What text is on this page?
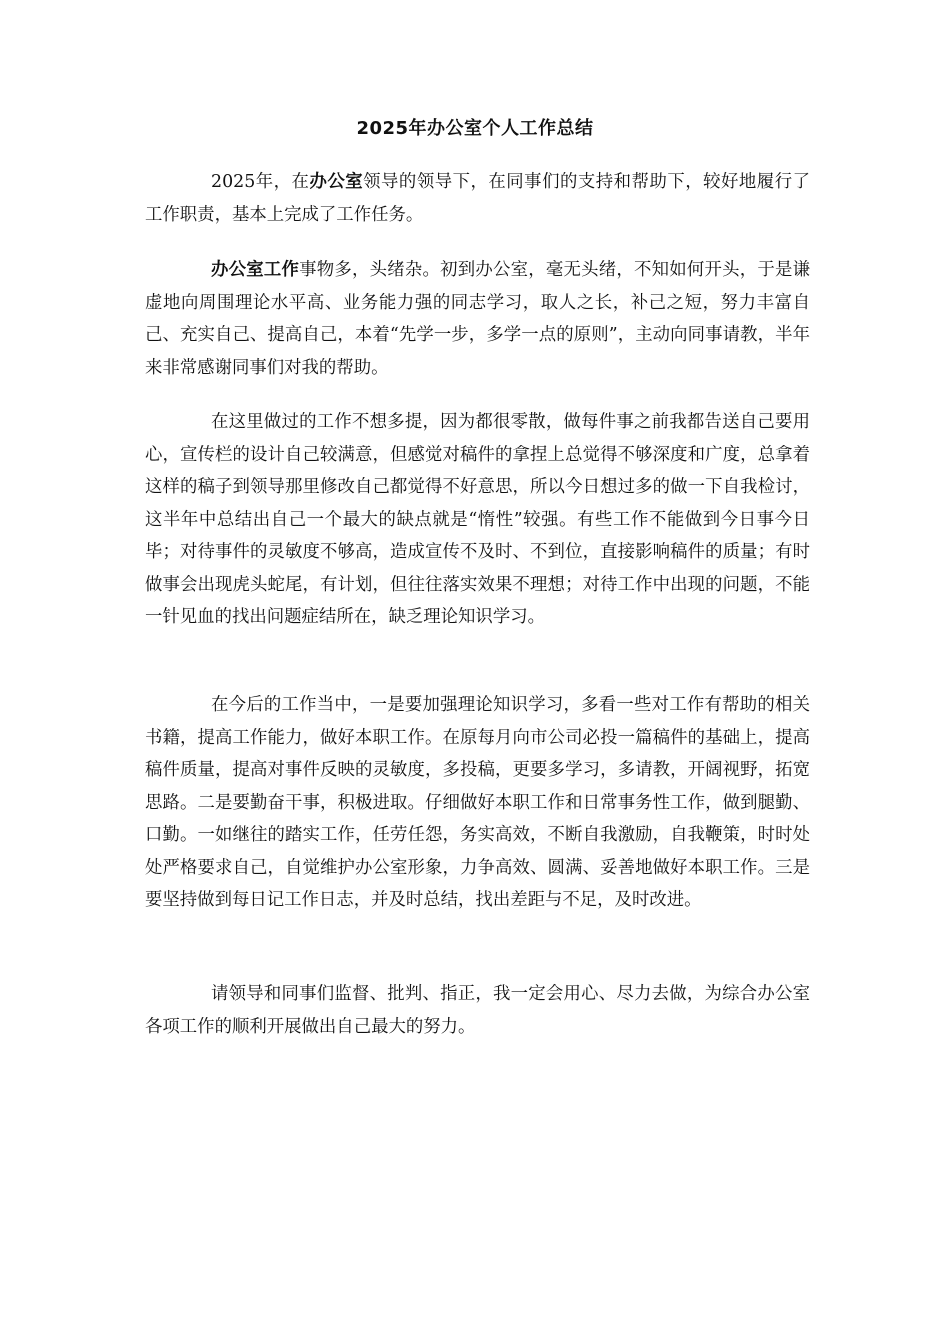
2025年办公室个人工作总结

2025年，在办公室领导的领导下，在同事们的支持和帮助下，较好地履行了工作职责，基本上完成了工作任务。

办公室工作事物多，头绪杂。初到办公室，毫无头绪，不知如何开头，于是谦虚地向周围理论水平高、业务能力强的同志学习，取人之长，补己之短，努力丰富自己、充实自己、提高自己，本着“先学一步，多学一点的原则”，主动向同事请教，半年来非常感谢同事们对我的帮助。

在这里做过的工作不想多提，因为都很零散，做每件事之前我都告送自己要用心，宣传栏的设计自己较满意，但感觉对稿件的拿捏上总觉得不够深度和广度，总拿着这样的稿子到领导那里修改自己都觉得不好意思，所以今日想过多的做一下自我检讨，这半年中总结出自己一个最大的缺点就是“惰性”较强。有些工作不能做到今日事今日毕；对待事件的灵敏度不够高，造成宣传不及时、不到位，直接影响稿件的质量；有时做事会出现虎头蛇尾，有计划，但往往落实效果不理想；对待工作中出现的问题，不能一针见血的找出问题症结所在，缺乏理论知识学习。

在今后的工作当中，一是要加强理论知识学习，多看一些对工作有帮助的相关书籍，提高工作能力，做好本职工作。在原每月向市公司必投一篇稿件的基础上，提高稿件质量，提高对事件反映的灵敏度，多投稿，更要多学习，多请教，开阔视野，拓宽思路。二是要勤奋干事，积极进取。仔细做好本职工作和日常事务性工作，做到腿勤、口勤。一如继往的踏实工作，任劳任怨，务实高效，不断自我激励，自我鞭策，时时处处严格要求自己，自觉维护办公室形象，力争高效、圆满、妥善地做好本职工作。三是要坚持做到每日记工作日志，并及时总结，找出差距与不足，及时改进。

请领导和同事们监督、批判、指正，我一定会用心、尽力去做，为综合办公室各项工作的顺利开展做出自己最大的努力。
